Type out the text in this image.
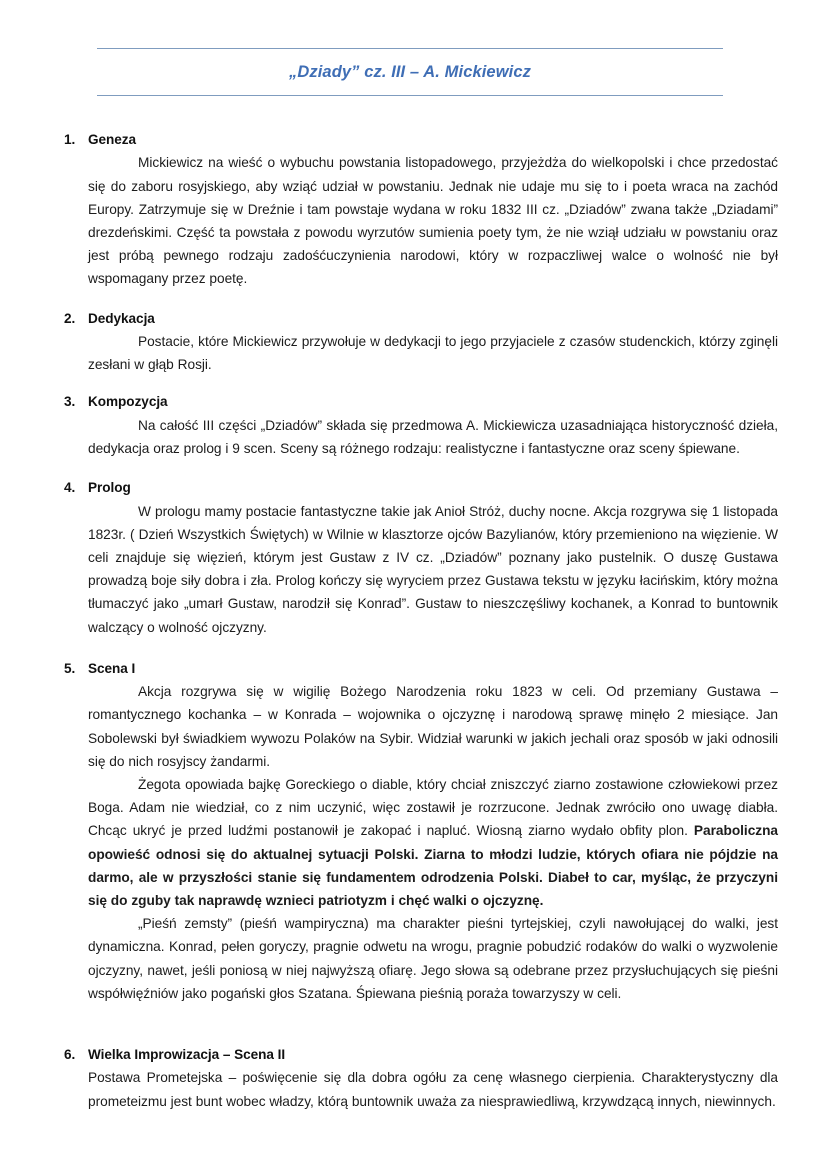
„Dziady” cz. III – A. Mickiewicz
1. Geneza

Mickiewicz na wieść o wybuchu powstania listopadowego, przyjeżdża do wielkopolski i chce przedostać się do zaboru rosyjskiego, aby wziąć udział w powstaniu. Jednak nie udaje mu się to i poeta wraca na zachód Europy. Zatrzymuje się w Dreźnie i tam powstaje wydana w roku 1832 III cz. „Dziadów” zwana także „Dziadami” drezdeńskimi. Część ta powstała z powodu wyrzutów sumienia poety tym, że nie wziął udziału w powstaniu oraz jest próbą pewnego rodzaju zadośćuczynienia narodowi, który w rozpaczliwej walce o wolność nie był wspomagany przez poetę.

2. Dedykacja

Postacie, które Mickiewicz przywołuje w dedykacji to jego przyjaciele z czasów studenckich, którzy zginęli zesłani w głąb Rosji.

3. Kompozycja

Na całość III części „Dziadów” składa się przedmowa A. Mickiewicza uzasadniająca historyczność dzieła, dedykacja oraz prolog i 9 scen. Sceny są różnego rodzaju: realistyczne i fantastyczne oraz sceny śpiewane.

4. Prolog

W prologu mamy postacie fantastyczne takie jak Anioł Stróż, duchy nocne. Akcja rozgrywa się 1 listopada 1823r. ( Dzień Wszystkich Świętych) w Wilnie w klasztorze ojców Bazylianów, który przemieniono na więzienie. W celi znajduje się więzień, którym jest Gustaw z IV cz. „Dziadów” poznany jako pustelnik. O duszę Gustawa prowadzą boje siły dobra i zła. Prolog kończy się wyryciem przez Gustawa tekstu w języku łacińskim, który można tłumaczyć jako „umarł Gustaw, narodził się Konrad”. Gustaw to nieszczęśliwy kochanek, a Konrad to buntownik walczący o wolność ojczyzny.

5. Scena I

Akcja rozgrywa się w wigilię Bożego Narodzenia roku 1823 w celi. Od przemiany Gustawa – romantycznego kochanka – w Konrada – wojownika o ojczyznę i narodową sprawę minęło 2 miesiące. Jan Sobolewski był świadkiem wywozu Polaków na Sybir. Widział warunki w jakich jechali oraz sposób w jaki odnosili się do nich rosyjscy żandarmi.

Żegota opowiada bajkę Goreckiego o diable, który chciał zniszczyć ziarno zostawione człowiekowi przez Boga. Adam nie wiedział, co z nim uczynić, więc zostawił je rozrzucone. Jednak zwróciło ono uwagę diabła. Chcąc ukryć je przed ludźmi postanowił je zakopać i napluć. Wiosną ziarno wydało obfity plon. Paraboliczna opowieść odnosi się do aktualnej sytuacji Polski. Ziarna to młodzi ludzie, których ofiara nie pójdzie na darmo, ale w przyszłości stanie się fundamentem odrodzenia Polski. Diabeł to car, myśląc, że przyczyni się do zguby tak naprawdę wznieci patriotyzm i chęć walki o ojczyznę.

„Pieśń zemsty” (pieśń wampiryczna) ma charakter pieśni tyrtejskiej, czyli nawołującej do walki, jest dynamiczna. Konrad, pełen goryczy, pragnie odwetu na wrogu, pragnie pobudzić rodaków do walki o wyzwolenie ojczyzny, nawet, jeśli poniosą w niej najwyższą ofiarę. Jego słowa są odebrane przez przysłuchujących się pieśni współwięźniów jako pogański głos Szatana. Śpiewana pieśnią poraża towarzyszy w celi.

6. Wielka Improwizacja – Scena II

Postawa Prometejska – poświęcenie się dla dobra ogółu za cenę własnego cierpienia. Charakterystyczny dla prometeizmu jest bunt wobec władzy, którą buntownik uważa za niesprawiedliwą, krzywdzącą innych, niewinnych.
